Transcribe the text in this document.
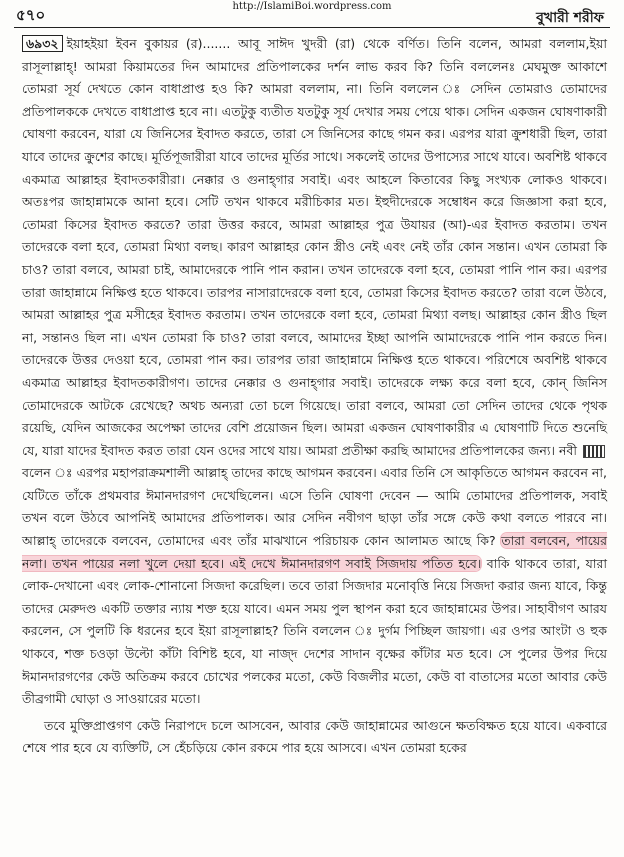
৫৭০	http://IslamiBoi.wordpress.com
বুখারী শরীফ

৬৯৩২ ইয়াহইয়া ইবন বুকায়র (র)....... আবূ সাঈদ খুদরী (রা) থেকে বর্ণিত। তিনি বলেন, আমরা বললাম,ইয়া রাসূলাল্লাহ্! আমরা কিয়ামতের দিন আমাদের প্রতিপালকের দর্শন লাভ করব কি? তিনি বললেনঃ মেঘমুক্ত আকাশে তোমরা সূর্য দেখতে কোন বাধাপ্রাপ্ত হও কি? আমরা বললাম, না। তিনি বললেন ঃ সেদিন তোমরাও তোমাদের প্রতিপালককে দেখতে বাধাপ্রাপ্ত হবে না। এতটুকু ব্যতীত যতটুকু সূর্য দেখার সময় পেয়ে থাক। সেদিন একজন ঘোষণাকারী ঘোষণা করবেন, যারা যে জিনিসের ইবাদত করতে, তারা সে জিনিসের কাছে গমন কর। এরপর যারা ক্রুশধারী ছিল, তারা যাবে তাদের ক্রুশের কাছে। মূর্তিপূজারীরা যাবে তাদের মূর্তির সাথে। সকলেই তাদের উপাস্যের সাথে যাবে। অবশিষ্ট থাকবে একমাত্র আল্লাহর ইবাদতকারীরা। নেক্কার ও গুনাহ্গার সবাই। এবং আহলে কিতাবের কিছু সংখ্যক লোকও থাকবে। অতঃপর জাহান্নামকে আনা হবে। সেটি তখন থাকবে মরীচিকার মত। ইহুদীদেরকে সম্বোধন করে জিজ্ঞাসা করা হবে, তোমরা কিসের ইবাদত করতে? তারা উত্তর করবে, আমরা আল্লাহর পুত্র উযায়র (আ)-এর ইবাদত করতাম। তখন তাদেরকে বলা হবে, তোমরা মিথ্যা বলছ। কারণ আল্লাহর কোন স্ত্রীও নেই এবং নেই তাঁর কোন সন্তান। এখন তোমরা কি চাও? তারা বলবে, আমরা চাই, আমাদেরকে পানি পান করান। তখন তাদেরকে বলা হবে, তোমরা পানি পান কর। এরপর তারা জাহান্নামে নিক্ষিপ্ত হতে থাকবে। তারপর নাসারাদেরকে বলা হবে, তোমরা কিসের ইবাদত করতে? তারা বলে উঠবে, আমরা আল্লাহর পুত্র মসীহের ইবাদত করতাম। তখন তাদেরকে বলা হবে, তোমরা মিথ্যা বলছ। আল্লাহর কোন স্ত্রীও ছিল না, সন্তানও ছিল না। এখন তোমরা কি চাও? তারা বলবে, আমাদের ইচ্ছা আপনি আমাদেরকে পানি পান করতে দিন। তাদেরকে উত্তর দেওয়া হবে, তোমরা পান কর। তারপর তারা জাহান্নামে নিক্ষিপ্ত হতে থাকবে। পরিশেষে অবশিষ্ট থাকবে একমাত্র আল্লাহর ইবাদতকারীগণ। তাদের নেক্কার ও গুনাহ্গার সবাই। তাদেরকে লক্ষ্য করে বলা হবে, কোন্ জিনিস তোমাদেরকে আটকে রেখেছে? অথচ অন্যরা তো চলে গিয়েছে। তারা বলবে, আমরা তো সেদিন তাদের থেকে পৃথক রয়েছি, যেদিন আজকের অপেক্ষা তাদের বেশি প্রয়োজন ছিল। আমরা একজন ঘোষণাকারীর এ ঘোষণাটি দিতে শুনেছি যে, যারা যাদের ইবাদত করত তারা যেন ওদের সাথে যায়। আমরা প্রতীক্ষা করছি আমাদের প্রতিপালকের জন্য। নবী  বলেন ঃ এরপর মহাপরাক্রমশালী আল্লাহ্ তাদের কাছে আগমন করবেন। এবার তিনি সে আকৃতিতে আগমন করবেন না, যেটিতে তাঁকে প্রথমবার ঈমানদারগণ দেখেছিলেন। এসে তিনি ঘোষণা দেবেন — আমি তোমাদের প্রতিপালক, সবাই তখন বলে উঠবে আপনিই আমাদের প্রতিপালক। আর সেদিন নবীগণ ছাড়া তাঁর সঙ্গে কেউ কথা বলতে পারবে না। আল্লাহ্ তাদেরকে বলবেন, তোমাদের এবং তাঁর মাঝখানে পরিচায়ক কোন আলামত আছে কি? তারা বলবেন, পায়ের নলা। তখন পায়ের নলা খুলে দেয়া হবে। এই দেখে ঈমানদারগণ সবাই সিজদায় পতিত হবে। বাকি থাকবে তারা, যারা লোক-দেখানো এবং লোক-শোনানো সিজদা করেছিল। তবে তারা সিজদার মনোবৃত্তি নিয়ে সিজদা করার জন্য যাবে, কিন্তু তাদের মেরুদণ্ড একটি তক্তার ন্যায় শক্ত হয়ে যাবে। এমন সময় পুল স্থাপন করা হবে জাহান্নামের উপর। সাহাবীগণ আরয করলেন, সে পুলটি কি ধরনের হবে ইয়া রাসূলাল্লাহ? তিনি বললেন ঃ দুর্গম পিচ্ছিল জায়গা। এর ওপর আংটা ও হুক থাকবে, শক্ত চওড়া উল্টো কাঁটা বিশিষ্ট হবে, যা নাজ্দ দেশের সাদান বৃক্ষের কাঁটার মত হবে। সে পুলের উপর দিয়ে ঈমানদারগণের কেউ অতিক্রম করবে চোখের পলকের মতো, কেউ বিজলীর মতো, কেউ বা বাতাসের মতো আবার কেউ তীব্রগামী ঘোড়া ও সাওয়ারের মতো।

তবে মুক্তিপ্রাপ্তগণ কেউ নিরাপদে চলে আসবেন, আবার কেউ জাহান্নামের আগুনে ক্ষতবিক্ষত হয়ে যাবে। একবারে শেষে পার হবে যে ব্যক্তিটি, সে হেঁচড়িয়ে কোন রকমে পার হয়ে আসবে। এখন তোমরা হকের
